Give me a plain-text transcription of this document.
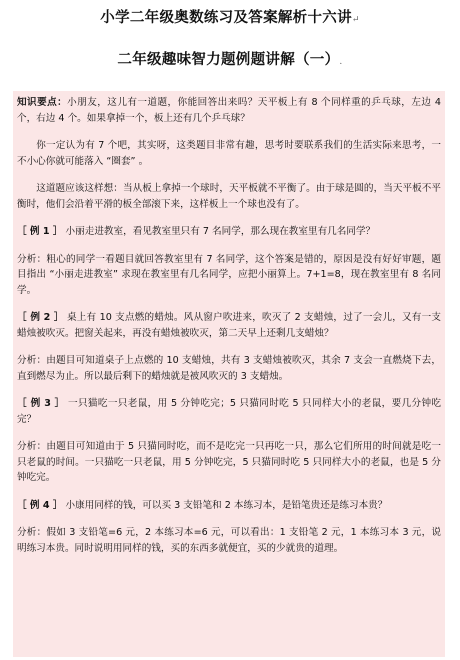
小学二年级奥数练习及答案解析十六讲↵
二年级趣味智力题例题讲解（一）.

知识要点：小朋友，这儿有一道题，你能回答出来吗？天平板上有 8 个同样重的乒乓球，左边 4 个，右边 4 个。如果拿掉一个，板上还有几个乒乓球？

你一定认为有 7 个吧，其实呀，这类题目非常有趣，思考时要联系我们的生活实际来思考，一不小心你就可能落入 “圈套” 。

这道题应该这样想：当从板上拿掉一个球时，天平板就不平衡了。由于球是圆的，当天平板不平衡时，他们会沿着平滑的板全部滚下来，这样板上一个球也没有了。

［ 例 1 ］ 小丽走进教室，看见教室里只有 7 名同学，那么现在教室里有几名同学？

分析：粗心的同学一看题目就回答教室里有 7 名同学，这个答案是错的，原因是没有好好审题，题目指出 “小丽走进教室” 求现在教室里有几名同学，应把小丽算上。7+1=8，现在教室里有 8 名同学。

［ 例 2 ］ 桌上有 10 支点燃的蜡烛。风从窗户吹进来，吹灭了 2 支蜡烛，过了一会儿，又有一支蜡烛被吹灭。把窗关起来，再没有蜡烛被吹灭，第二天早上还剩几支蜡烛？

分析：由题目可知道桌子上点燃的 10 支蜡烛，共有 3 支蜡烛被吹灭，其余 7 支会一直燃烧下去，直到燃尽为止。所以最后剩下的蜡烛就是被风吹灭的 3 支蜡烛。

［ 例 3 ］ 一只猫吃一只老鼠，用 5 分钟吃完；5 只猫同时吃 5 只同样大小的老鼠，要几分钟吃完？

分析：由题目可知道由于 5 只猫同时吃，而不是吃完一只再吃一只，那么它们所用的时间就是吃一只老鼠的时间。一只猫吃一只老鼠，用 5 分钟吃完，5 只猫同时吃 5 只同样大小的老鼠，也是 5 分钟吃完。

［ 例 4 ］ 小康用同样的钱，可以买 3 支铅笔和 2 本练习本，是铅笔贵还是练习本贵？

分析：假如 3 支铅笔=6 元，2 本练习本=6 元，可以看出：1 支铅笔 2 元，1 本练习本 3 元，说明练习本贵。同时说明用同样的钱，买的东西多就便宜，买的少就贵的道理。
